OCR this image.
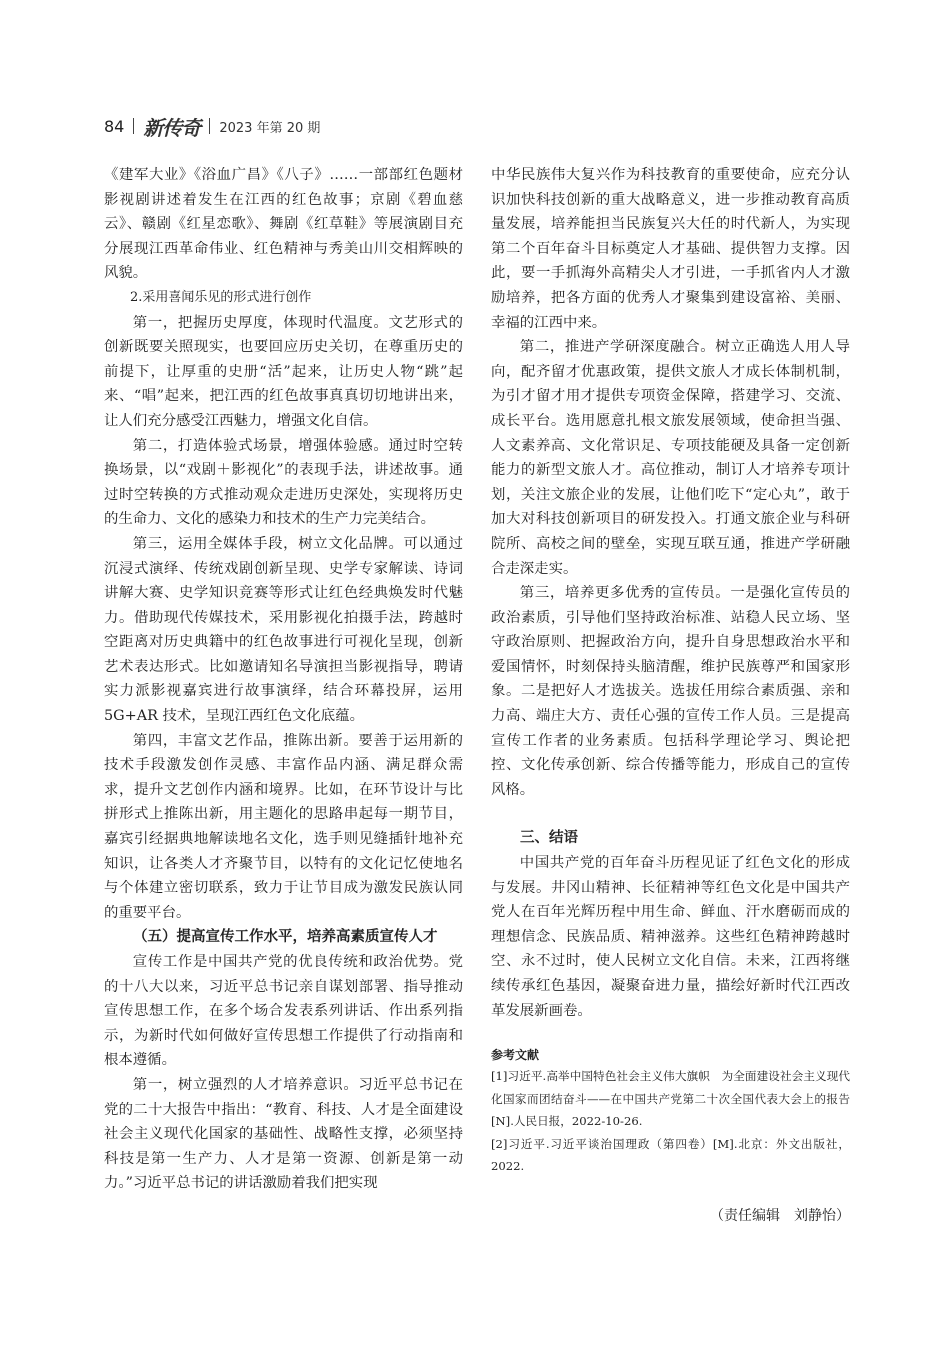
84 新传奇 2023 年第 20 期

《建军大业》《浴血广昌》《八子》……一部部红色题材影视剧讲述着发生在江西的红色故事；京剧《碧血慈云》、赣剧《红星恋歌》、舞剧《红草鞋》等展演剧目充分展现江西革命伟业、红色精神与秀美山川交相辉映的风貌。

2.采用喜闻乐见的形式进行创作

第一，把握历史厚度，体现时代温度。文艺形式的创新既要关照现实，也要回应历史关切，在尊重历史的前提下，让厚重的史册“活”起来，让历史人物“跳”起来、“唱”起来，把江西的红色故事真真切切地讲出来，让人们充分感受江西魅力，增强文化自信。

第二，打造体验式场景，增强体验感。通过时空转换场景，以“戏剧＋影视化”的表现手法，讲述故事。通过时空转换的方式推动观众走进历史深处，实现将历史的生命力、文化的感染力和技术的生产力完美结合。

第三，运用全媒体手段，树立文化品牌。可以通过沉浸式演绎、传统戏剧创新呈现、史学专家解读、诗词讲解大赛、史学知识竞赛等形式让红色经典焕发时代魅力。借助现代传媒技术，采用影视化拍摄手法，跨越时空距离对历史典籍中的红色故事进行可视化呈现，创新艺术表达形式。比如邀请知名导演担当影视指导，聘请实力派影视嘉宾进行故事演绎，结合环幕投屏，运用 5G+AR 技术，呈现江西红色文化底蕴。

第四，丰富文艺作品，推陈出新。要善于运用新的技术手段激发创作灵感、丰富作品内涵、满足群众需求，提升文艺创作内涵和境界。比如，在环节设计与比拼形式上推陈出新，用主题化的思路串起每一期节目，嘉宾引经据典地解读地名文化，选手则见缝插针地补充知识，让各类人才齐聚节目，以特有的文化记忆使地名与个体建立密切联系，致力于让节目成为激发民族认同的重要平台。

（五）提高宣传工作水平，培养高素质宣传人才

宣传工作是中国共产党的优良传统和政治优势。党的十八大以来，习近平总书记亲自谋划部署、指导推动宣传思想工作，在多个场合发表系列讲话、作出系列指示，为新时代如何做好宣传思想工作提供了行动指南和根本遵循。

第一，树立强烈的人才培养意识。习近平总书记在党的二十大报告中指出：“教育、科技、人才是全面建设社会主义现代化国家的基础性、战略性支撑，必须坚持科技是第一生产力、人才是第一资源、创新是第一动力。”习近平总书记的讲话激励着我们把实现

中华民族伟大复兴作为科技教育的重要使命，应充分认识加快科技创新的重大战略意义，进一步推动教育高质量发展，培养能担当民族复兴大任的时代新人，为实现第二个百年奋斗目标奠定人才基础、提供智力支撑。因此，要一手抓海外高精尖人才引进，一手抓省内人才激励培养，把各方面的优秀人才聚集到建设富裕、美丽、幸福的江西中来。

第二，推进产学研深度融合。树立正确选人用人导向，配齐留才优惠政策，提供文旅人才成长体制机制，为引才留才用才提供专项资金保障，搭建学习、交流、成长平台。选用愿意扎根文旅发展领域，使命担当强、人文素养高、文化常识足、专项技能硬及具备一定创新能力的新型文旅人才。高位推动，制订人才培养专项计划，关注文旅企业的发展，让他们吃下“定心丸”，敢于加大对科技创新项目的研发投入。打通文旅企业与科研院所、高校之间的壁垒，实现互联互通，推进产学研融合走深走实。

第三，培养更多优秀的宣传员。一是强化宣传员的政治素质，引导他们坚持政治标准、站稳人民立场、坚守政治原则、把握政治方向，提升自身思想政治水平和爱国情怀，时刻保持头脑清醒，维护民族尊严和国家形象。二是把好人才选拔关。选拔任用综合素质强、亲和力高、端庄大方、责任心强的宣传工作人员。三是提高宣传工作者的业务素质。包括科学理论学习、舆论把控、文化传承创新、综合传播等能力，形成自己的宣传风格。

三、结语

中国共产党的百年奋斗历程见证了红色文化的形成与发展。井冈山精神、长征精神等红色文化是中国共产党人在百年光辉历程中用生命、鲜血、汗水磨砺而成的理想信念、民族品质、精神滋养。这些红色精神跨越时空、永不过时，使人民树立文化自信。未来，江西将继续传承红色基因，凝聚奋进力量，描绘好新时代江西改革发展新画卷。

参考文献

[1]习近平.高举中国特色社会主义伟大旗帜　为全面建设社会主义现代化国家而团结奋斗——在中国共产党第二十次全国代表大会上的报告[N].人民日报，2022-10-26.

[2]习近平.习近平谈治国理政（第四卷）[M].北京：外文出版社，2022.

（责任编辑　刘静怡）
